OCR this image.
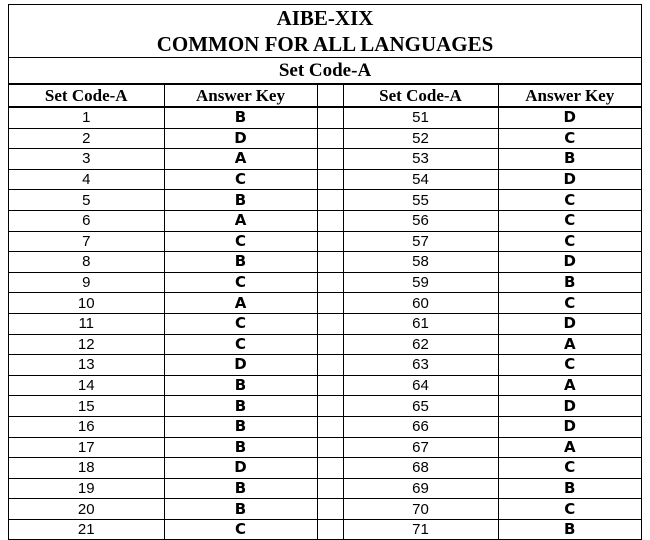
AIBE-XIX
COMMON FOR ALL LANGUAGES
Set Code-A
Set Code-A	Answer Key		Set Code-A	Answer Key
1	B		51	D
2	D		52	C
3	A		53	B
4	C		54	D
5	B		55	C
6	A		56	C
7	C		57	C
8	B		58	D
9	C		59	B
10	A		60	C
11	C		61	D
12	C		62	A
13	D		63	C
14	B		64	A
15	B		65	D
16	B		66	D
17	B		67	A
18	D		68	C
19	B		69	B
20	B		70	C
21	C		71	B
